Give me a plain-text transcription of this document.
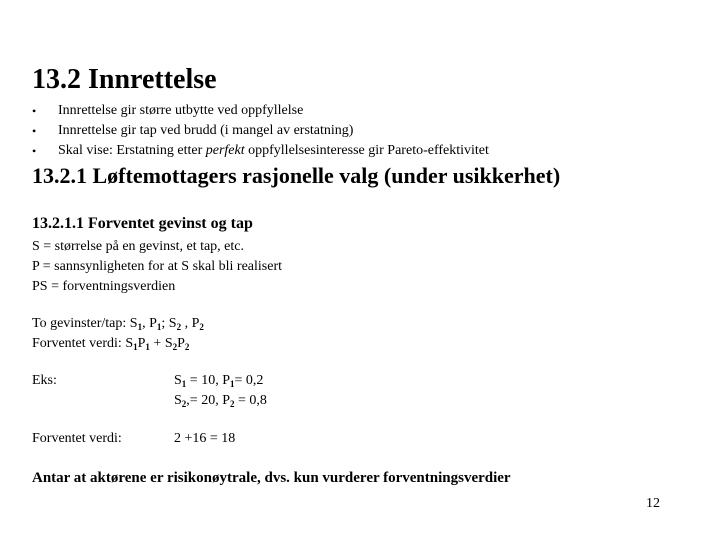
13.2 Innrettelse
• Innrettelse gir større utbytte ved oppfyllelse
• Innrettelse gir tap ved brudd (i mangel av erstatning)
• Skal vise: Erstatning etter perfekt oppfyllelsesinteresse gir Pareto-effektivitet
13.2.1 Løftemottagers rasjonelle valg (under usikkerhet)
13.2.1.1 Forventet gevinst og tap
S = størrelse på en gevinst, et tap, etc.
P = sannsynligheten for at S skal bli realisert
PS = forventningsverdien
To gevinster/tap: $S_1$, $P_1$; $S_2$ , $P_2$
Forventet verdi: $S_1P_1 + S_2P_2$
Eks:	$S_1 = 10$, $P_1= 0,2$
$S_2,= 20$, $P_2 = 0,8$
Forventet verdi:	2 +16 = 18
Antar at aktørene er risikonøytrale, dvs. kun vurderer forventningsverdier
12
